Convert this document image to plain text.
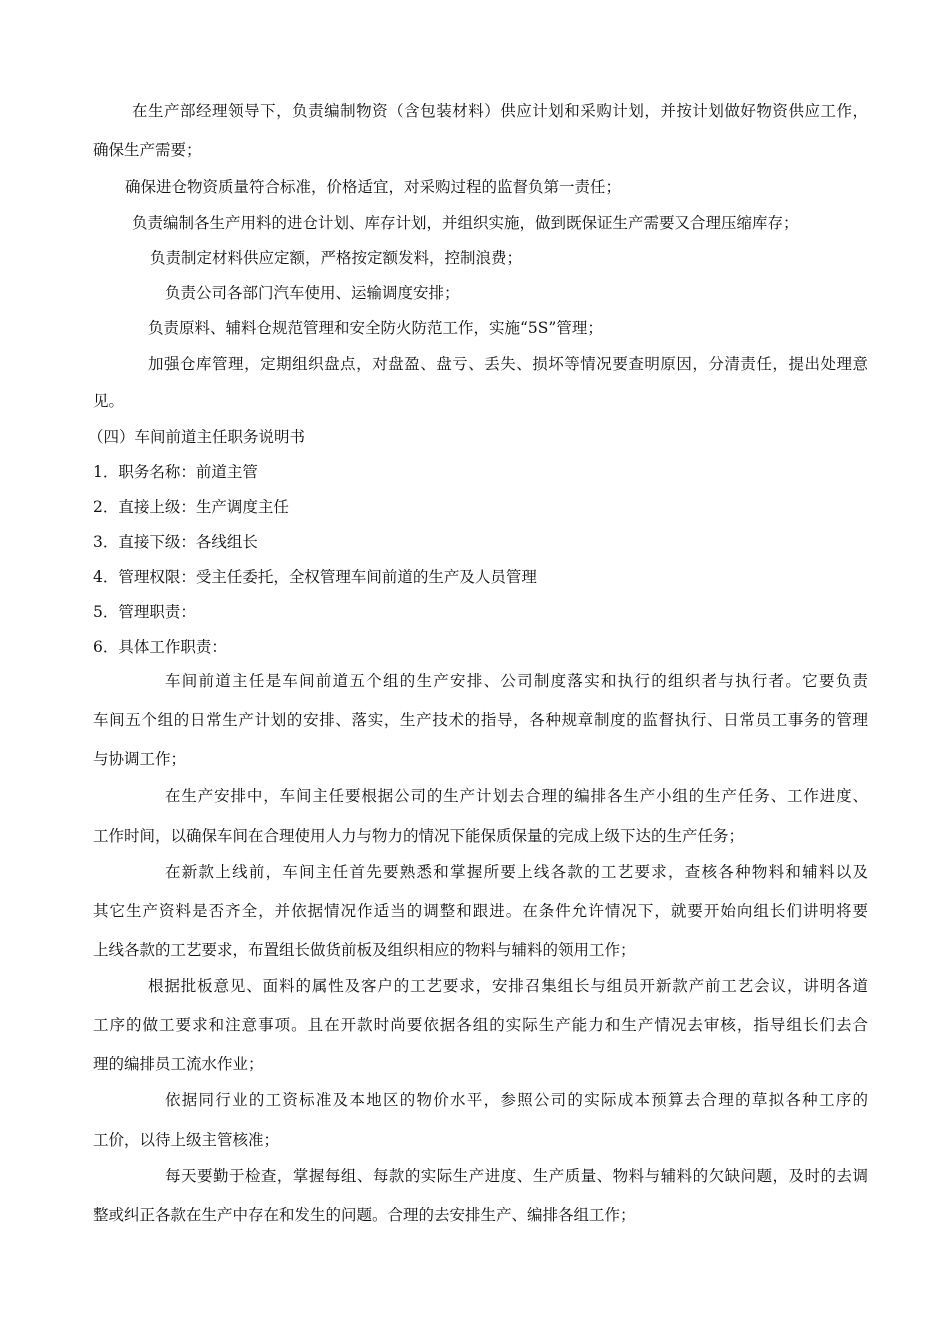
在生产部经理领导下，负责编制物资（含包装材料）供应计划和采购计划，并按计划做好物资供应工作，
确保生产需要；
确保进仓物资质量符合标准，价格适宜，对采购过程的监督负第一责任；
负责编制各生产用料的进仓计划、库存计划，并组织实施，做到既保证生产需要又合理压缩库存；
负责制定材料供应定额，严格按定额发料，控制浪费；
负责公司各部门汽车使用、运输调度安排；
负责原料、辅料仓规范管理和安全防火防范工作，实施“5S”管理；
加强仓库管理，定期组织盘点，对盘盈、盘亏、丢失、损坏等情况要查明原因，分清责任，提出处理意
见。
（四）车间前道主任职务说明书
1．职务名称：前道主管
2．直接上级：生产调度主任
3．直接下级：各线组长
4．管理权限：受主任委托，全权管理车间前道的生产及人员管理
5．管理职责：
6．具体工作职责：
车间前道主任是车间前道五个组的生产安排、公司制度落实和执行的组织者与执行者。它要负责
车间五个组的日常生产计划的安排、落实，生产技术的指导，各种规章制度的监督执行、日常员工事务的管理
与协调工作；
在生产安排中，车间主任要根据公司的生产计划去合理的编排各生产小组的生产任务、工作进度、
工作时间，以确保车间在合理使用人力与物力的情况下能保质保量的完成上级下达的生产任务；
在新款上线前，车间主任首先要熟悉和掌握所要上线各款的工艺要求，查核各种物料和辅料以及
其它生产资料是否齐全，并依据情况作适当的调整和跟进。在条件允许情况下，就要开始向组长们讲明将要
上线各款的工艺要求，布置组长做货前板及组织相应的物料与辅料的领用工作；
根据批板意见、面料的属性及客户的工艺要求，安排召集组长与组员开新款产前工艺会议，讲明各道
工序的做工要求和注意事项。且在开款时尚要依据各组的实际生产能力和生产情况去审核，指导组长们去合
理的编排员工流水作业；
依据同行业的工资标准及本地区的物价水平，参照公司的实际成本预算去合理的草拟各种工序的
工价，以待上级主管核准；
每天要勤于检查，掌握每组、每款的实际生产进度、生产质量、物料与辅料的欠缺问题，及时的去调
整或纠正各款在生产中存在和发生的问题。合理的去安排生产、编排各组工作；
